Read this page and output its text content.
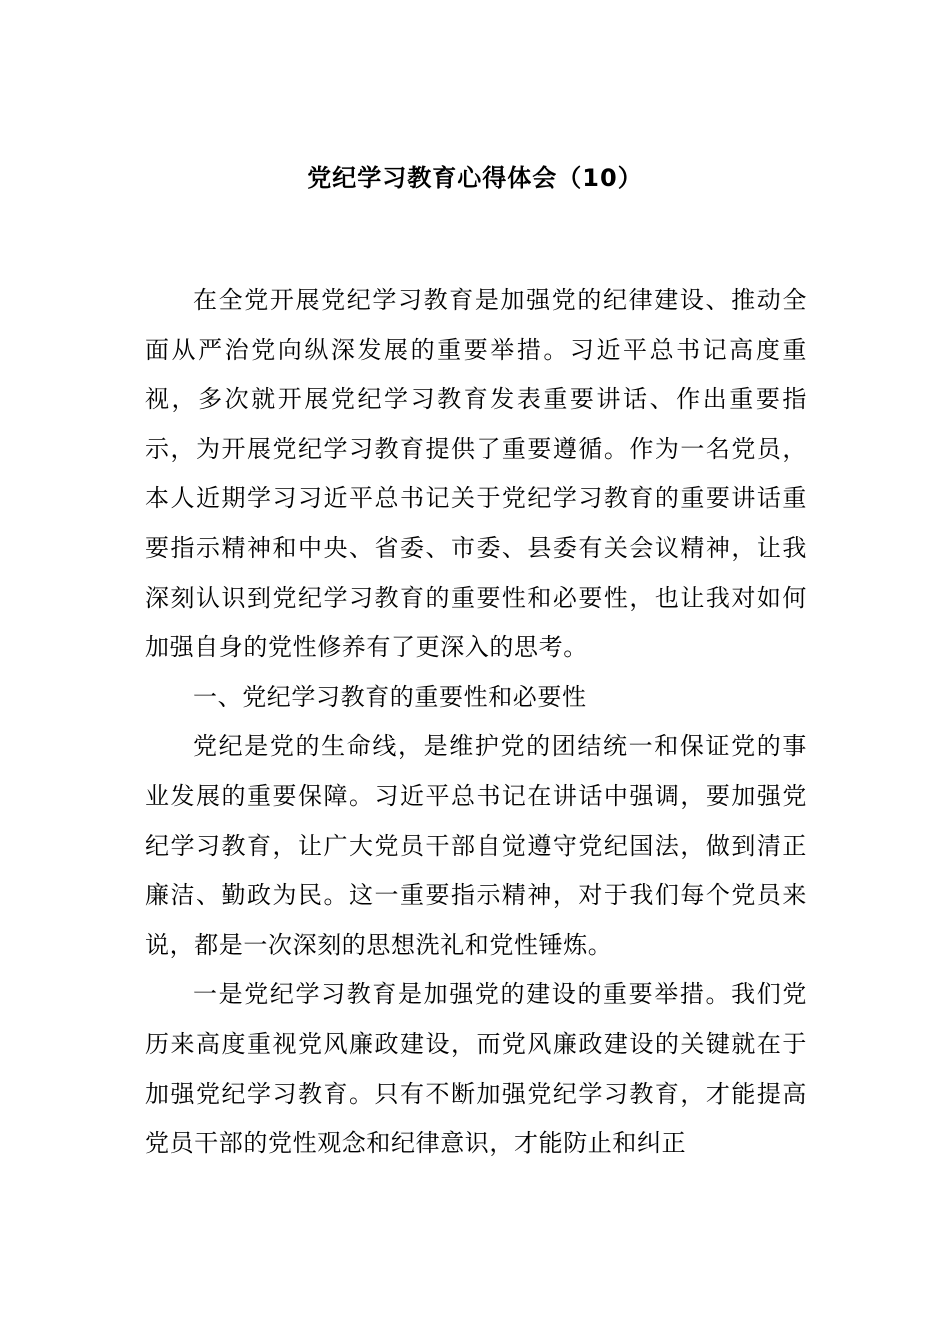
党纪学习教育心得体会（10）

在全党开展党纪学习教育是加强党的纪律建设、推动全面从严治党向纵深发展的重要举措。习近平总书记高度重视，多次就开展党纪学习教育发表重要讲话、作出重要指示，为开展党纪学习教育提供了重要遵循。作为一名党员，本人近期学习习近平总书记关于党纪学习教育的重要讲话重要指示精神和中央、省委、市委、县委有关会议精神，让我深刻认识到党纪学习教育的重要性和必要性，也让我对如何加强自身的党性修养有了更深入的思考。

一、党纪学习教育的重要性和必要性

党纪是党的生命线，是维护党的团结统一和保证党的事业发展的重要保障。习近平总书记在讲话中强调，要加强党纪学习教育，让广大党员干部自觉遵守党纪国法，做到清正廉洁、勤政为民。这一重要指示精神，对于我们每个党员来说，都是一次深刻的思想洗礼和党性锤炼。

一是党纪学习教育是加强党的建设的重要举措。我们党历来高度重视党风廉政建设，而党风廉政建设的关键就在于加强党纪学习教育。只有不断加强党纪学习教育，才能提高党员干部的党性观念和纪律意识，才能防止和纠正
